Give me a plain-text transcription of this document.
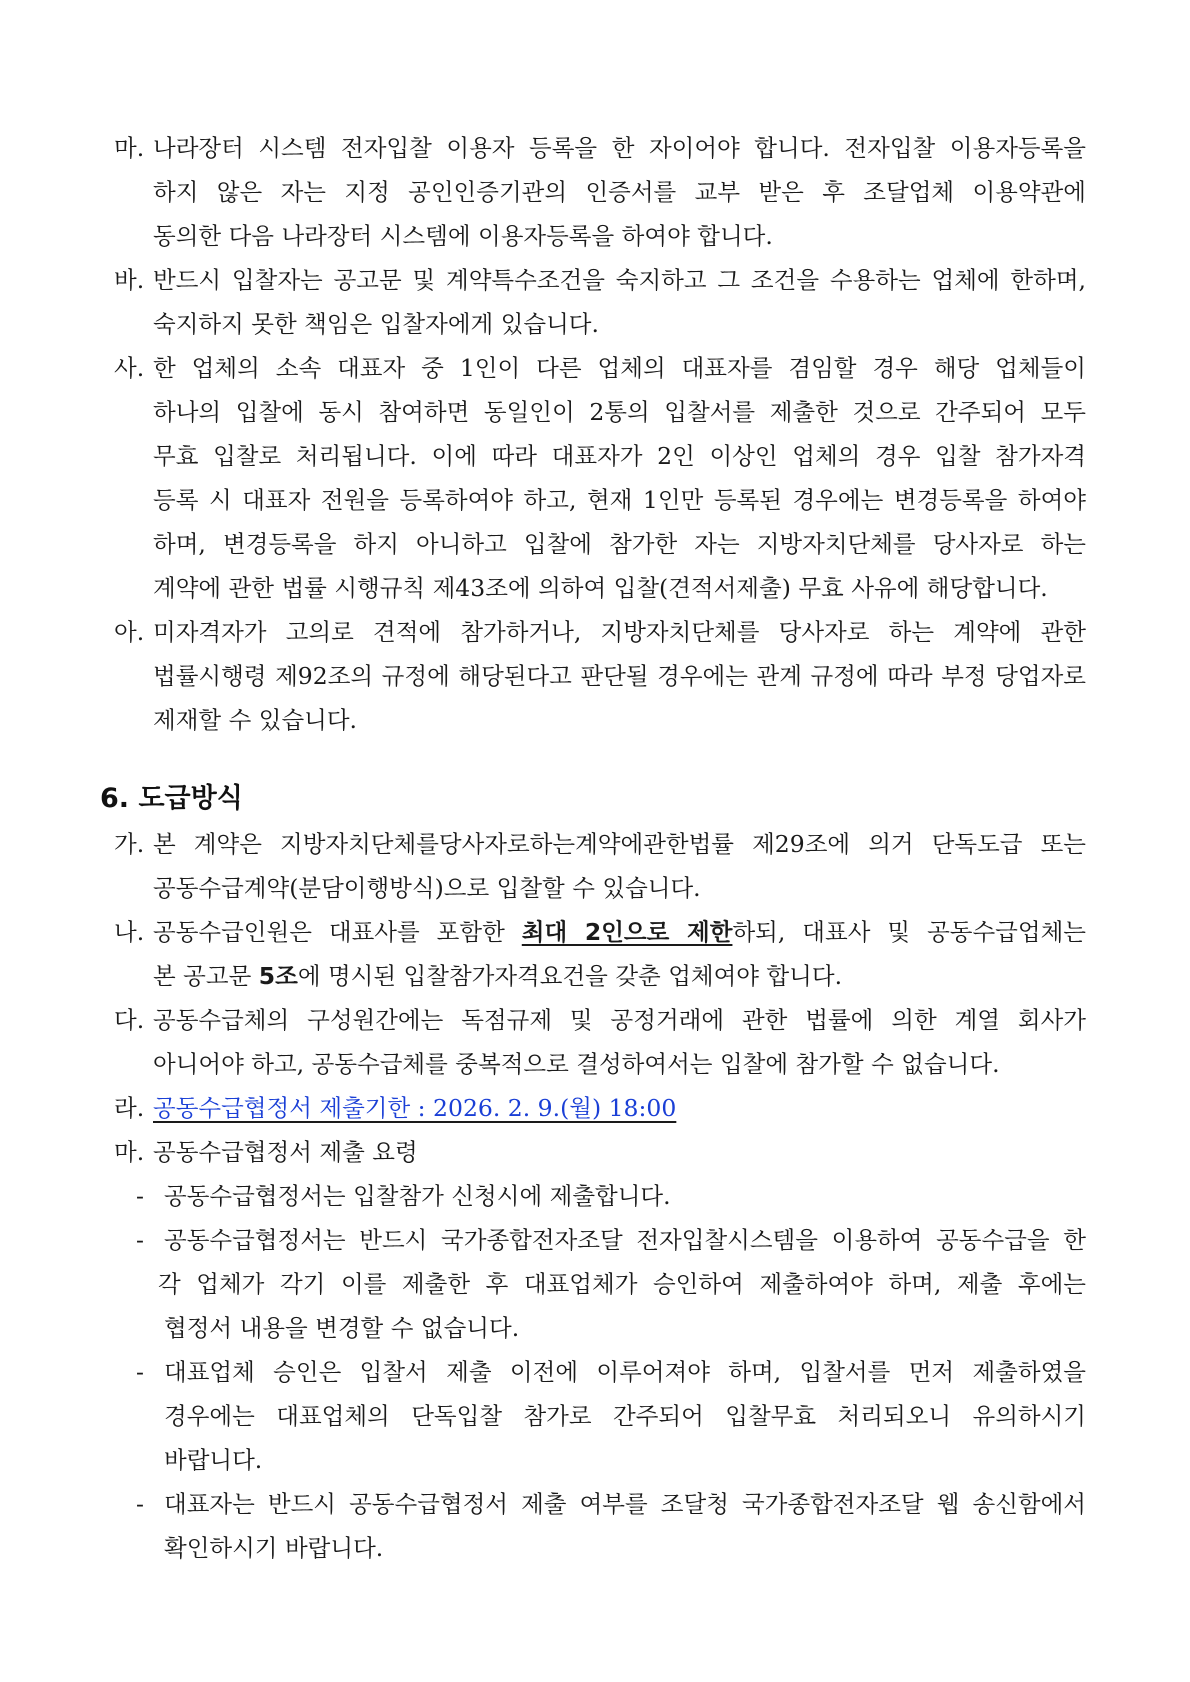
마. 나라장터 시스템 전자입찰 이용자 등록을 한 자이어야 합니다. 전자입찰 이용자등록을
하지 않은 자는 지정 공인인증기관의 인증서를 교부 받은 후 조달업체 이용약관에
동의한 다음 나라장터 시스템에 이용자등록을 하여야 합니다.
바. 반드시 입찰자는 공고문 및 계약특수조건을 숙지하고 그 조건을 수용하는 업체에 한하며,
숙지하지 못한 책임은 입찰자에게 있습니다.
사. 한 업체의 소속 대표자 중 1인이 다른 업체의 대표자를 겸임할 경우 해당 업체들이
하나의 입찰에 동시 참여하면 동일인이 2통의 입찰서를 제출한 것으로 간주되어 모두
무효 입찰로 처리됩니다. 이에 따라 대표자가 2인 이상인 업체의 경우 입찰 참가자격
등록 시 대표자 전원을 등록하여야 하고, 현재 1인만 등록된 경우에는 변경등록을 하여야
하며, 변경등록을 하지 아니하고 입찰에 참가한 자는 지방자치단체를 당사자로 하는
계약에 관한 법률 시행규칙 제43조에 의하여 입찰(견적서제출) 무효 사유에 해당합니다.
아. 미자격자가 고의로 견적에 참가하거나, 지방자치단체를 당사자로 하는 계약에 관한
법률시행령 제92조의 규정에 해당된다고 판단될 경우에는 관계 규정에 따라 부정 당업자로
제재할 수 있습니다.
6. 도급방식
가. 본 계약은 지방자치단체를당사자로하는계약에관한법률 제29조에 의거 단독도급 또는
공동수급계약(분담이행방식)으로 입찰할 수 있습니다.
나. 공동수급인원은 대표사를 포함한 최대 2인으로 제한하되, 대표사 및 공동수급업체는
본 공고문 5조에 명시된 입찰참가자격요건을 갖춘 업체여야 합니다.
다. 공동수급체의 구성원간에는 독점규제 및 공정거래에 관한 법률에 의한 계열 회사가
아니어야 하고, 공동수급체를 중복적으로 결성하여서는 입찰에 참가할 수 없습니다.
라. 공동수급협정서 제출기한 : 2026. 2. 9.(월) 18:00
마. 공동수급협정서 제출 요령
- 공동수급협정서는 입찰참가 신청시에 제출합니다.
- 공동수급협정서는 반드시 국가종합전자조달 전자입찰시스템을 이용하여 공동수급을 한
각 업체가 각기 이를 제출한 후 대표업체가 승인하여 제출하여야 하며, 제출 후에는
협정서 내용을 변경할 수 없습니다.
- 대표업체 승인은 입찰서 제출 이전에 이루어져야 하며, 입찰서를 먼저 제출하였을
경우에는 대표업체의 단독입찰 참가로 간주되어 입찰무효 처리되오니 유의하시기
바랍니다.
- 대표자는 반드시 공동수급협정서 제출 여부를 조달청 국가종합전자조달 웹 송신함에서
확인하시기 바랍니다.
